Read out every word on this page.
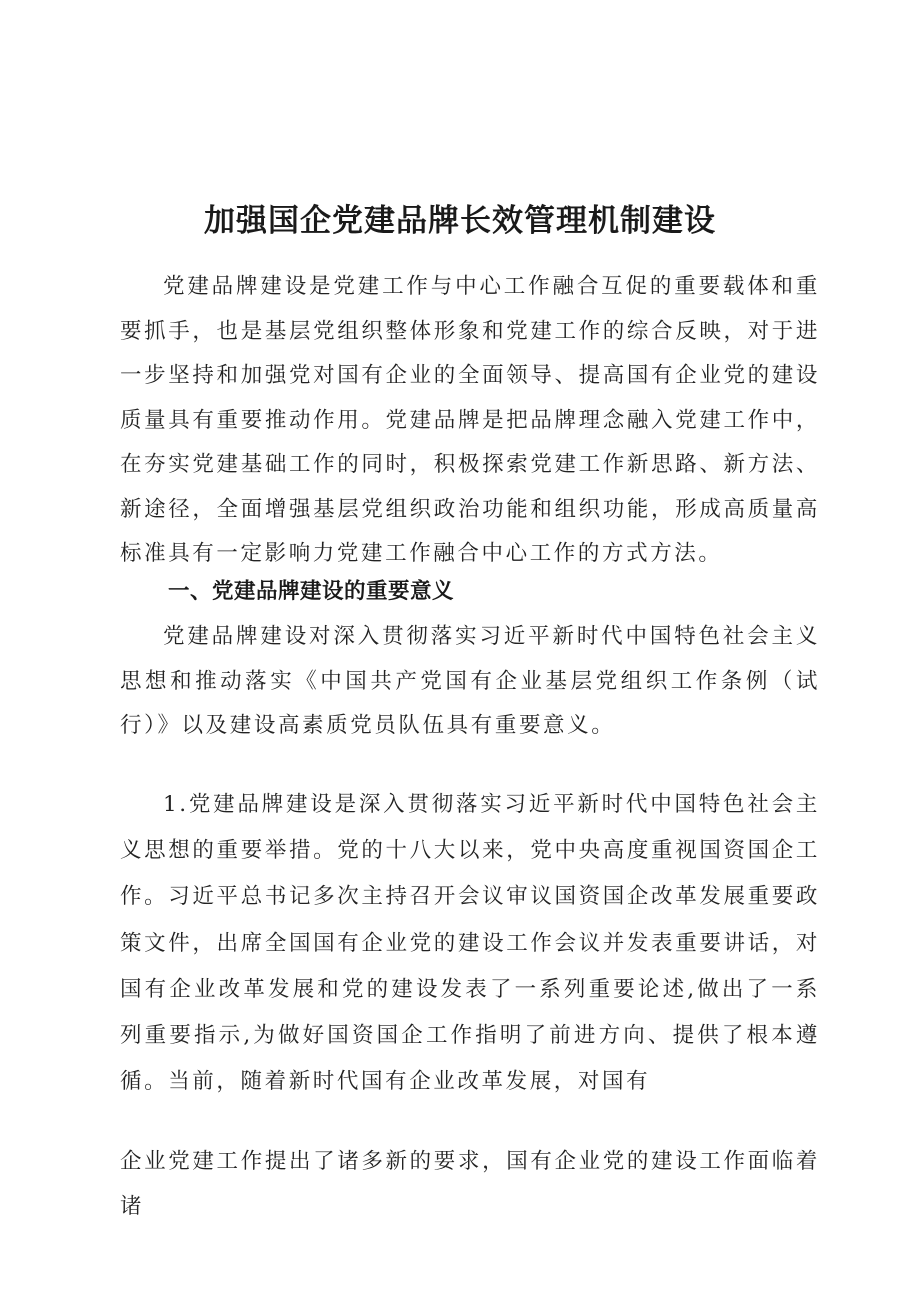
加强国企党建品牌长效管理机制建设

党建品牌建设是党建工作与中心工作融合互促的重要载体和重要抓手，也是基层党组织整体形象和党建工作的综合反映，对于进一步坚持和加强党对国有企业的全面领导、提高国有企业党的建设质量具有重要推动作用。党建品牌是把品牌理念融入党建工作中，在夯实党建基础工作的同时，积极探索党建工作新思路、新方法、新途径，全面增强基层党组织政治功能和组织功能，形成高质量高标准具有一定影响力党建工作融合中心工作的方式方法。

一、党建品牌建设的重要意义

党建品牌建设对深入贯彻落实习近平新时代中国特色社会主义思想和推动落实《中国共产党国有企业基层党组织工作条例（试行）》以及建设高素质党员队伍具有重要意义。

1.党建品牌建设是深入贯彻落实习近平新时代中国特色社会主义思想的重要举措。党的十八大以来，党中央高度重视国资国企工作。习近平总书记多次主持召开会议审议国资国企改革发展重要政策文件，出席全国国有企业党的建设工作会议并发表重要讲话，对国有企业改革发展和党的建设发表了一系列重要论述,做出了一系列重要指示,为做好国资国企工作指明了前进方向、提供了根本遵循。当前，随着新时代国有企业改革发展，对国有

企业党建工作提出了诸多新的要求，国有企业党的建设工作面临着诸
